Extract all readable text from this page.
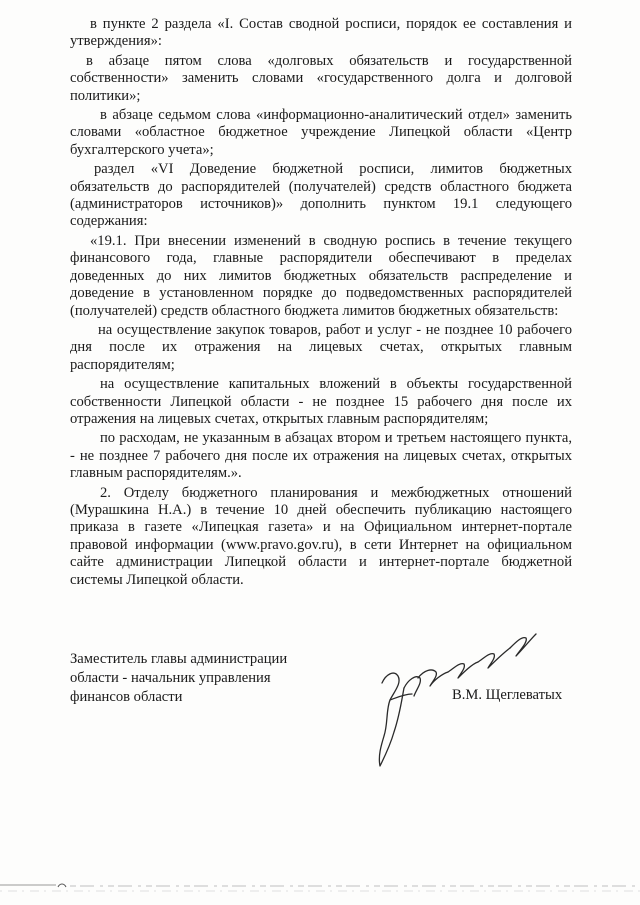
в пункте 2 раздела «I. Состав сводной росписи, порядок ее составления и утверждения»:

в абзаце пятом слова «долговых обязательств и государственной собственности» заменить словами «государственного долга и долговой политики»;

в абзаце седьмом слова «информационно-аналитический отдел» заменить словами «областное бюджетное учреждение Липецкой области «Центр бухгалтерского учета»;

раздел «VI Доведение бюджетной росписи, лимитов бюджетных обязательств до распорядителей (получателей) средств областного бюджета (администраторов источников)» дополнить пунктом 19.1 следующего содержания:

«19.1. При внесении изменений в сводную роспись в течение текущего финансового года, главные распорядители обеспечивают в пределах доведенных до них лимитов бюджетных обязательств распределение и доведение в установленном порядке до подведомственных распорядителей (получателей) средств областного бюджета лимитов бюджетных обязательств:

на осуществление закупок товаров, работ и услуг - не позднее 10 рабочего дня после их отражения на лицевых счетах, открытых главным распорядителям;

на осуществление капитальных вложений в объекты государственной собственности Липецкой области - не позднее 15 рабочего дня после их отражения на лицевых счетах, открытых главным распорядителям;

по расходам, не указанным в абзацах втором и третьем настоящего пункта, - не позднее 7 рабочего дня после их отражения на лицевых счетах, открытых главным распорядителям.».

2. Отделу бюджетного планирования и межбюджетных отношений (Мурашкина Н.А.) в течение 10 дней обеспечить публикацию настоящего приказа в газете «Липецкая газета» и на Официальном интернет-портале правовой информации (www.pravo.gov.ru), в сети Интернет на официальном сайте администрации Липецкой области и интернет-портале бюджетной системы Липецкой области.

Заместитель главы администрации
области - начальник управления
финансов области	В.М. Щеглеватых
